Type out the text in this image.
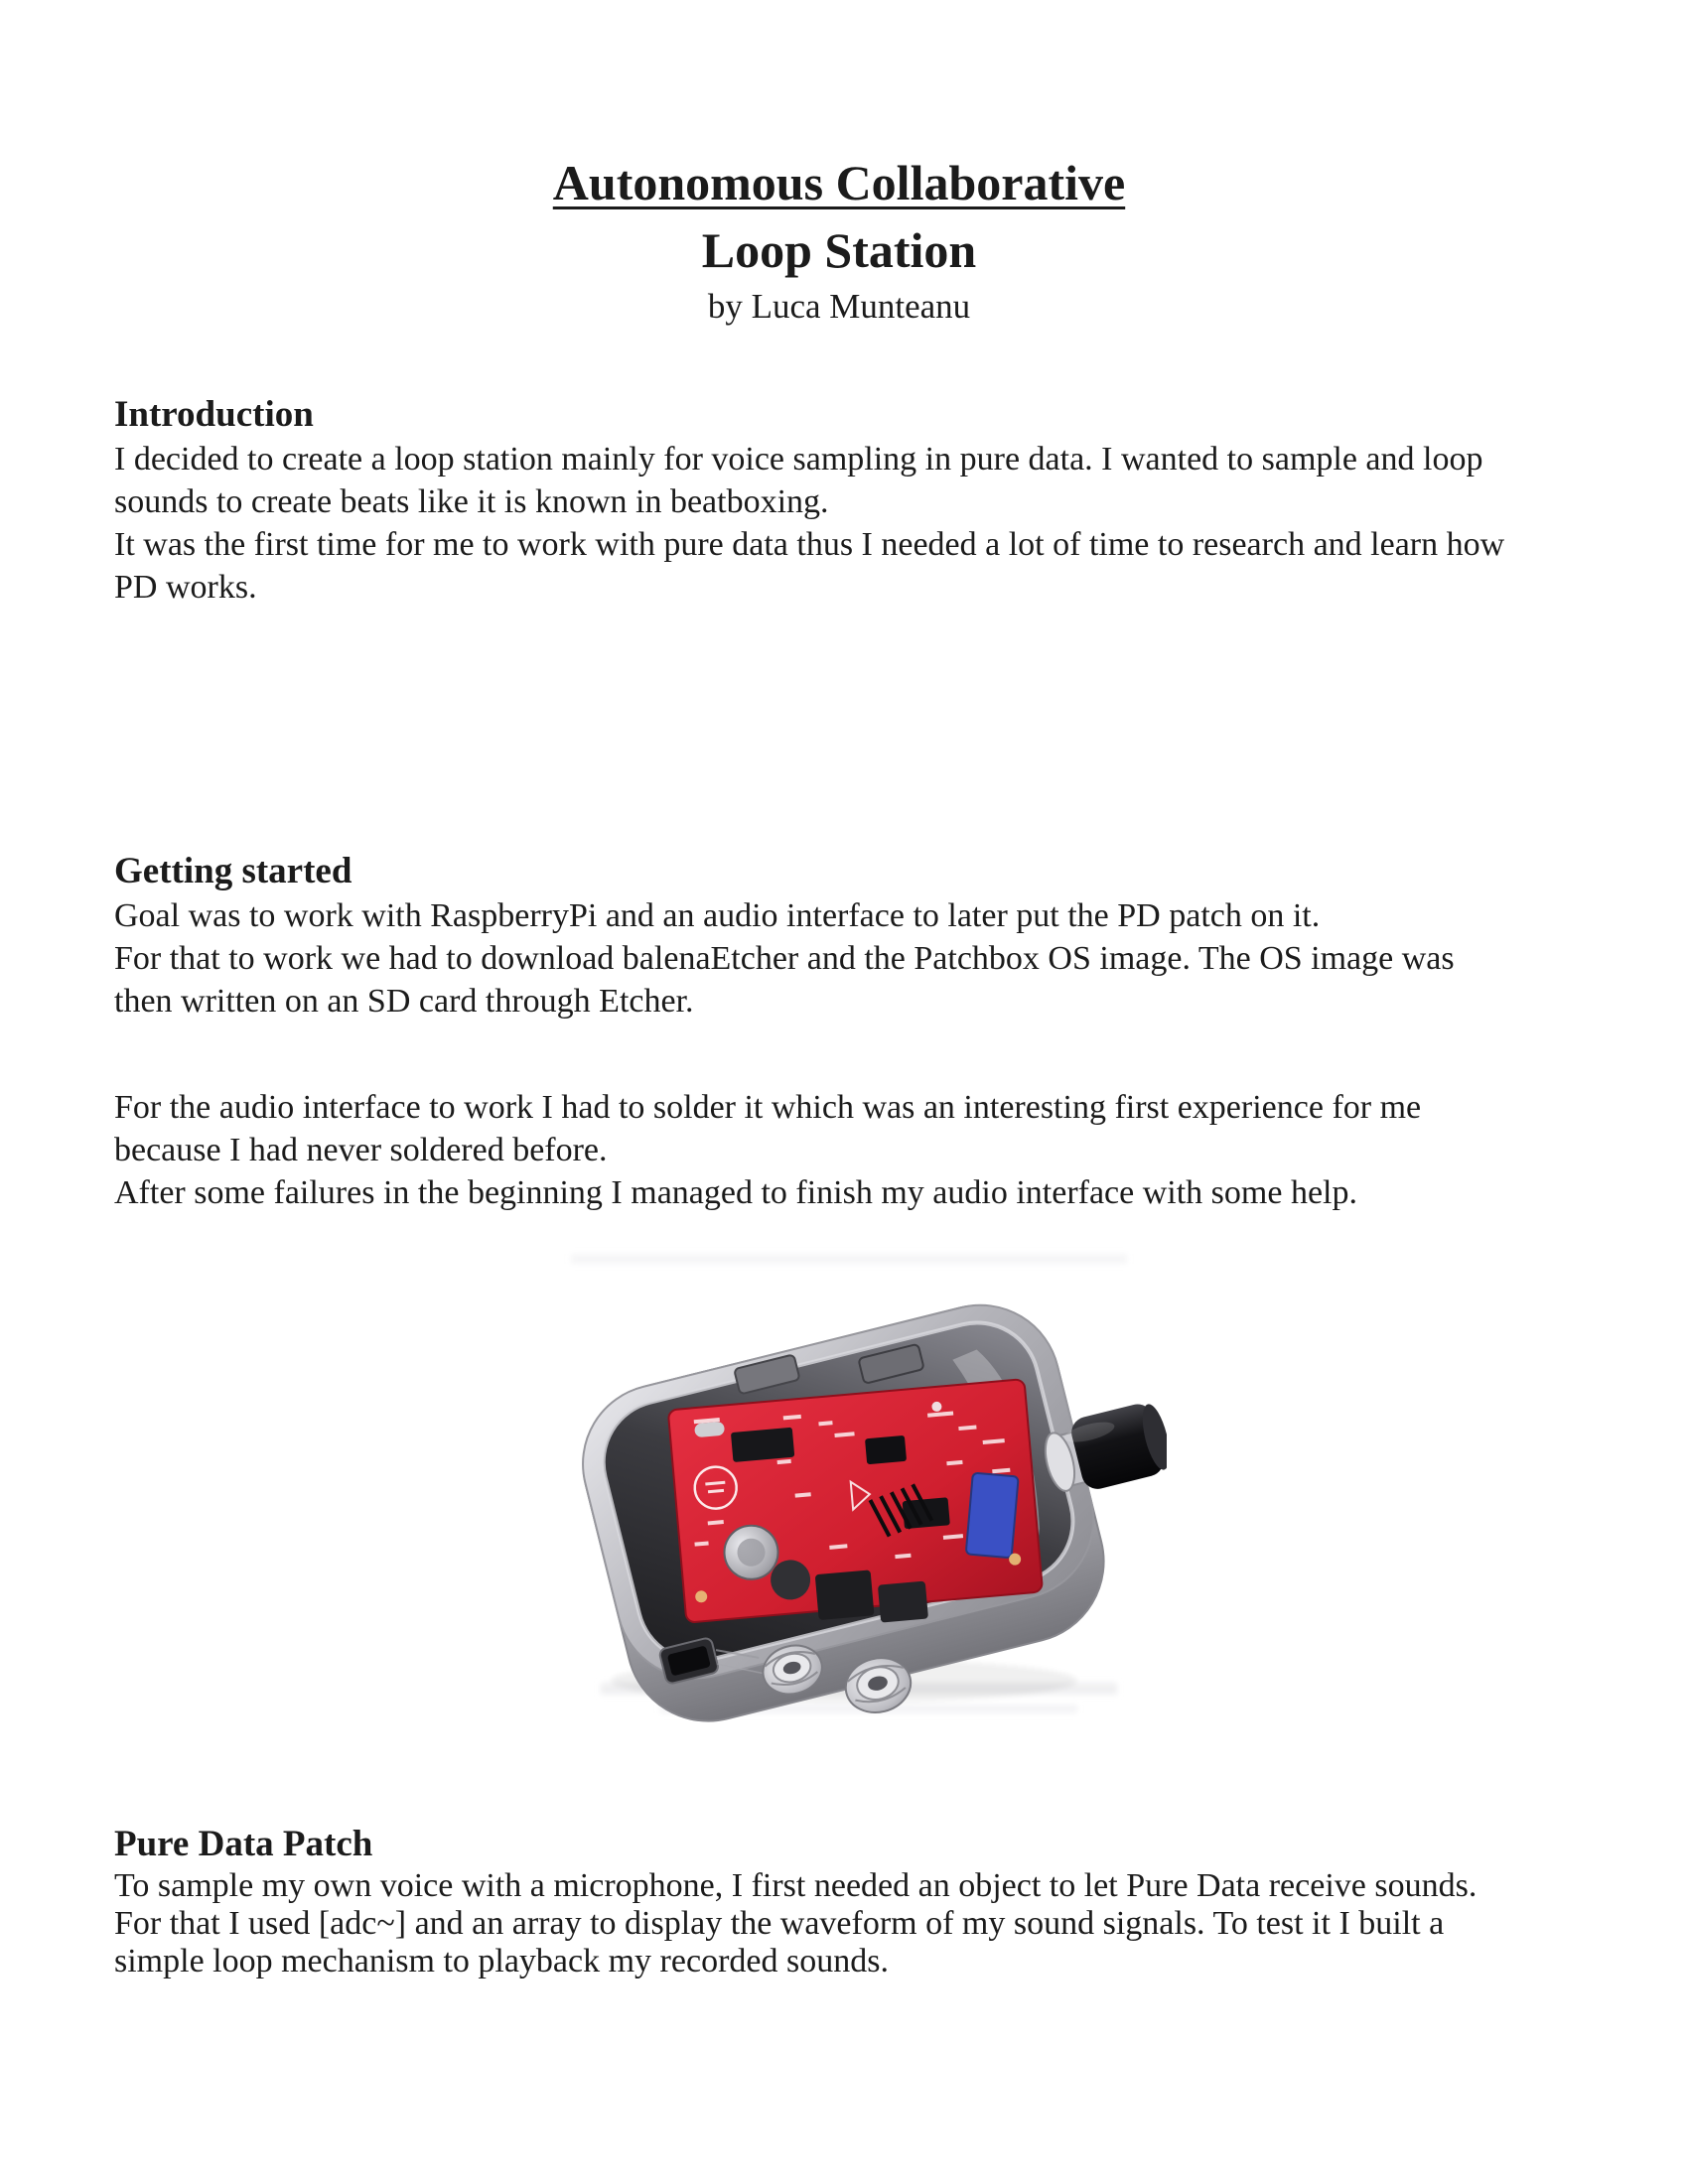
Autonomous Collaborative
Loop Station

by Luca Munteanu

Introduction

I decided to create a loop station mainly for voice sampling in pure data. I wanted to sample and loop
sounds to create beats like it is known in beatboxing.

It was the first time for me to work with pure data thus I needed a lot of time to research and learn how
PD works.

Getting started

Goal was to work with RaspberryPi and an audio interface to later put the PD patch on it.

For that to work we had to download balenaEtcher and the Patchbox OS image. The OS image was
then written on an SD card through Etcher.

For the audio interface to work I had to solder it which was an interesting first experience for me
because I had never soldered before.

After some failures in the beginning I managed to finish my audio interface with some help.

Pure Data Patch

To sample my own voice with a microphone, I first needed an object to let Pure Data receive sounds.
For that I used [adc~] and an array to display the waveform of my sound signals. To test it I built a
simple loop mechanism to playback my recorded sounds.
